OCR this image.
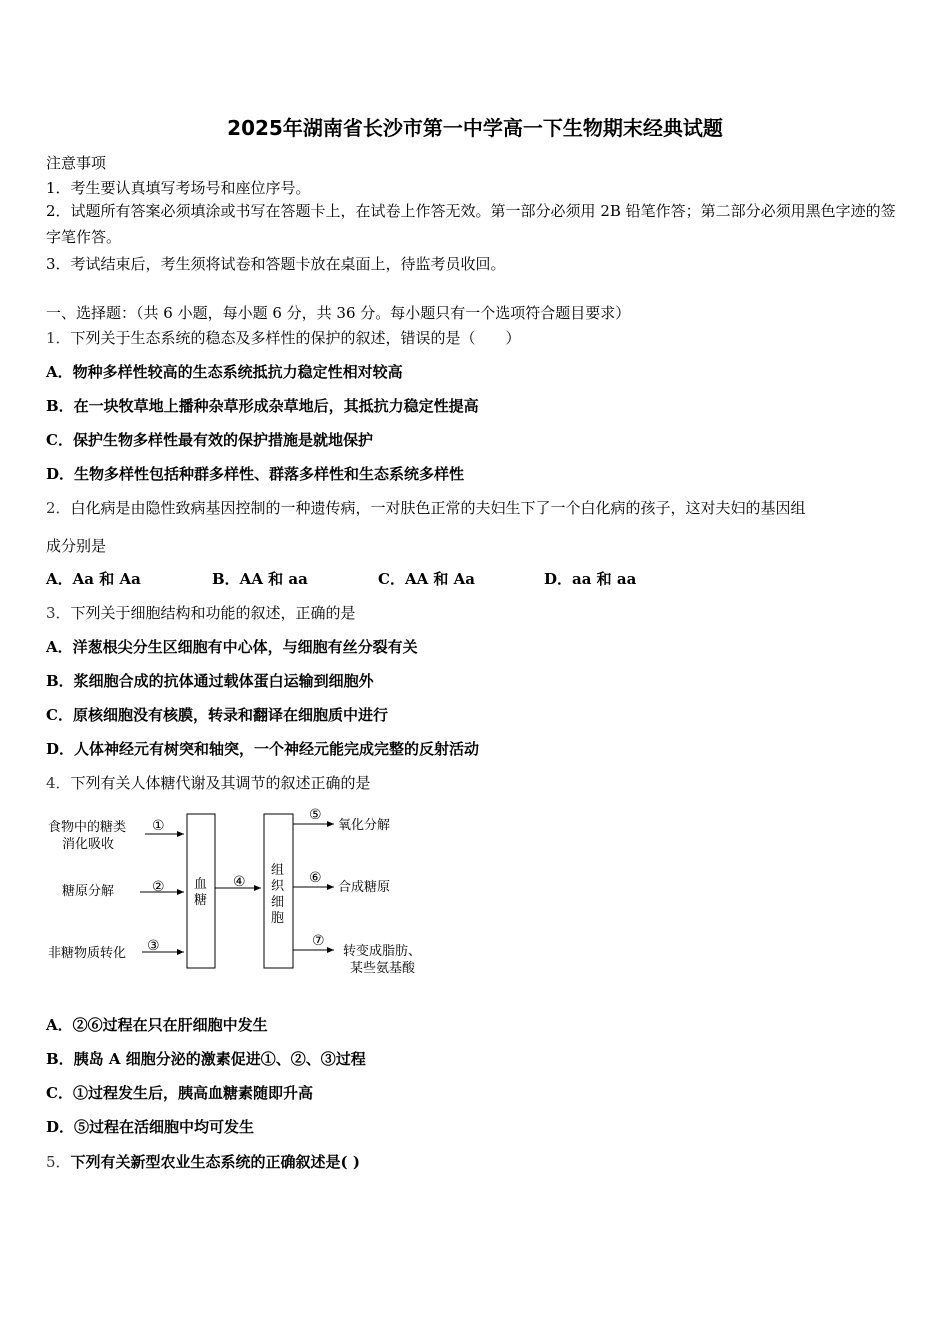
2025年湖南省长沙市第一中学高一下生物期末经典试题
注意事项
1．考生要认真填写考场号和座位序号。
2．试题所有答案必须填涂或书写在答题卡上，在试卷上作答无效。第一部分必须用 2B 铅笔作答；第二部分必须用黑色字迹的签字笔作答。
3．考试结束后，考生须将试卷和答题卡放在桌面上，待监考员收回。
一、选择题：（共 6 小题，每小题 6 分，共 36 分。每小题只有一个选项符合题目要求）
1．下列关于生态系统的稳态及多样性的保护的叙述，错误的是（　　）
A．物种多样性较高的生态系统抵抗力稳定性相对较高
B．在一块牧草地上播种杂草形成杂草地后，其抵抗力稳定性提高
C．保护生物多样性最有效的保护措施是就地保护
D．生物多样性包括种群多样性、群落多样性和生态系统多样性
2．白化病是由隐性致病基因控制的一种遗传病，一对肤色正常的夫妇生下了一个白化病的孩子，这对夫妇的基因组
成分别是
A．Aa 和 Aa	B．AA 和 aa	C．AA 和 Aa	D．aa 和 aa
3．下列关于细胞结构和功能的叙述，正确的是
A．洋葱根尖分生区细胞有中心体，与细胞有丝分裂有关
B．浆细胞合成的抗体通过载体蛋白运输到细胞外
C．原核细胞没有核膜，转录和翻译在细胞质中进行
D．人体神经元有树突和轴突，一个神经元能完成完整的反射活动
4．下列有关人体糖代谢及其调节的叙述正确的是
食物中的糖类
消化吸收
糖原分解
非糖物质转化
①
②
③
血
糖
④
组
织
细
胞
⑤
⑥
⑦
氧化分解
合成糖原
转变成脂肪、
某些氨基酸
A．②⑥过程在只在肝细胞中发生
B．胰岛 A 细胞分泌的激素促进①、②、③过程
C．①过程发生后，胰高血糖素随即升高
D．⑤过程在活细胞中均可发生
5．下列有关新型农业生态系统的正确叙述是( )
